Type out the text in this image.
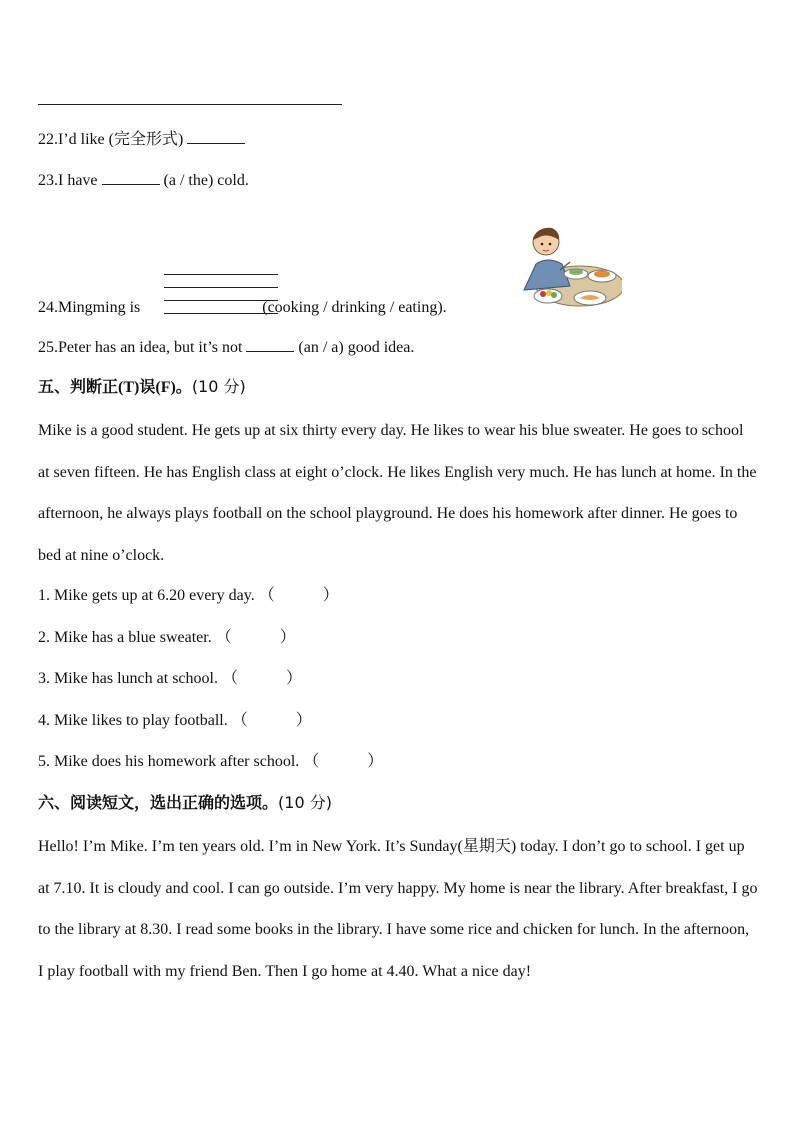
22.I’d like (完全形式)
23.I have	(a / the) cold.
24.Mingming is	(cooking / drinking / eating).
25.Peter has an idea, but it’s not	(an / a) good idea.
五、判断正(T)误(F)。(10 分)
Mike is a good student. He gets up at six thirty every day. He likes to wear his blue sweater. He goes to school at seven fifteen. He has English class at eight o’clock. He likes English very much. He has lunch at home. In the afternoon, he always plays football on the school playground. He does his homework after dinner. He goes to bed at nine o’clock.
1. Mike gets up at 6.20 every day. （　　　）
2. Mike has a blue sweater. （　　　）
3. Mike has lunch at school. （　　　）
4. Mike likes to play football. （　　　）
5. Mike does his homework after school. （　　　）
六、阅读短文，选出正确的选项。(10 分)
Hello! I’m Mike. I’m ten years old. I’m in New York. It’s Sunday(星期天) today. I don’t go to school. I get up at 7.10. It is cloudy and cool. I can go outside. I’m very happy. My home is near the library. After breakfast, I go to the library at 8.30. I read some books in the library. I have some rice and chicken for lunch. In the afternoon, I play football with my friend Ben. Then I go home at 4.40. What a nice day!
